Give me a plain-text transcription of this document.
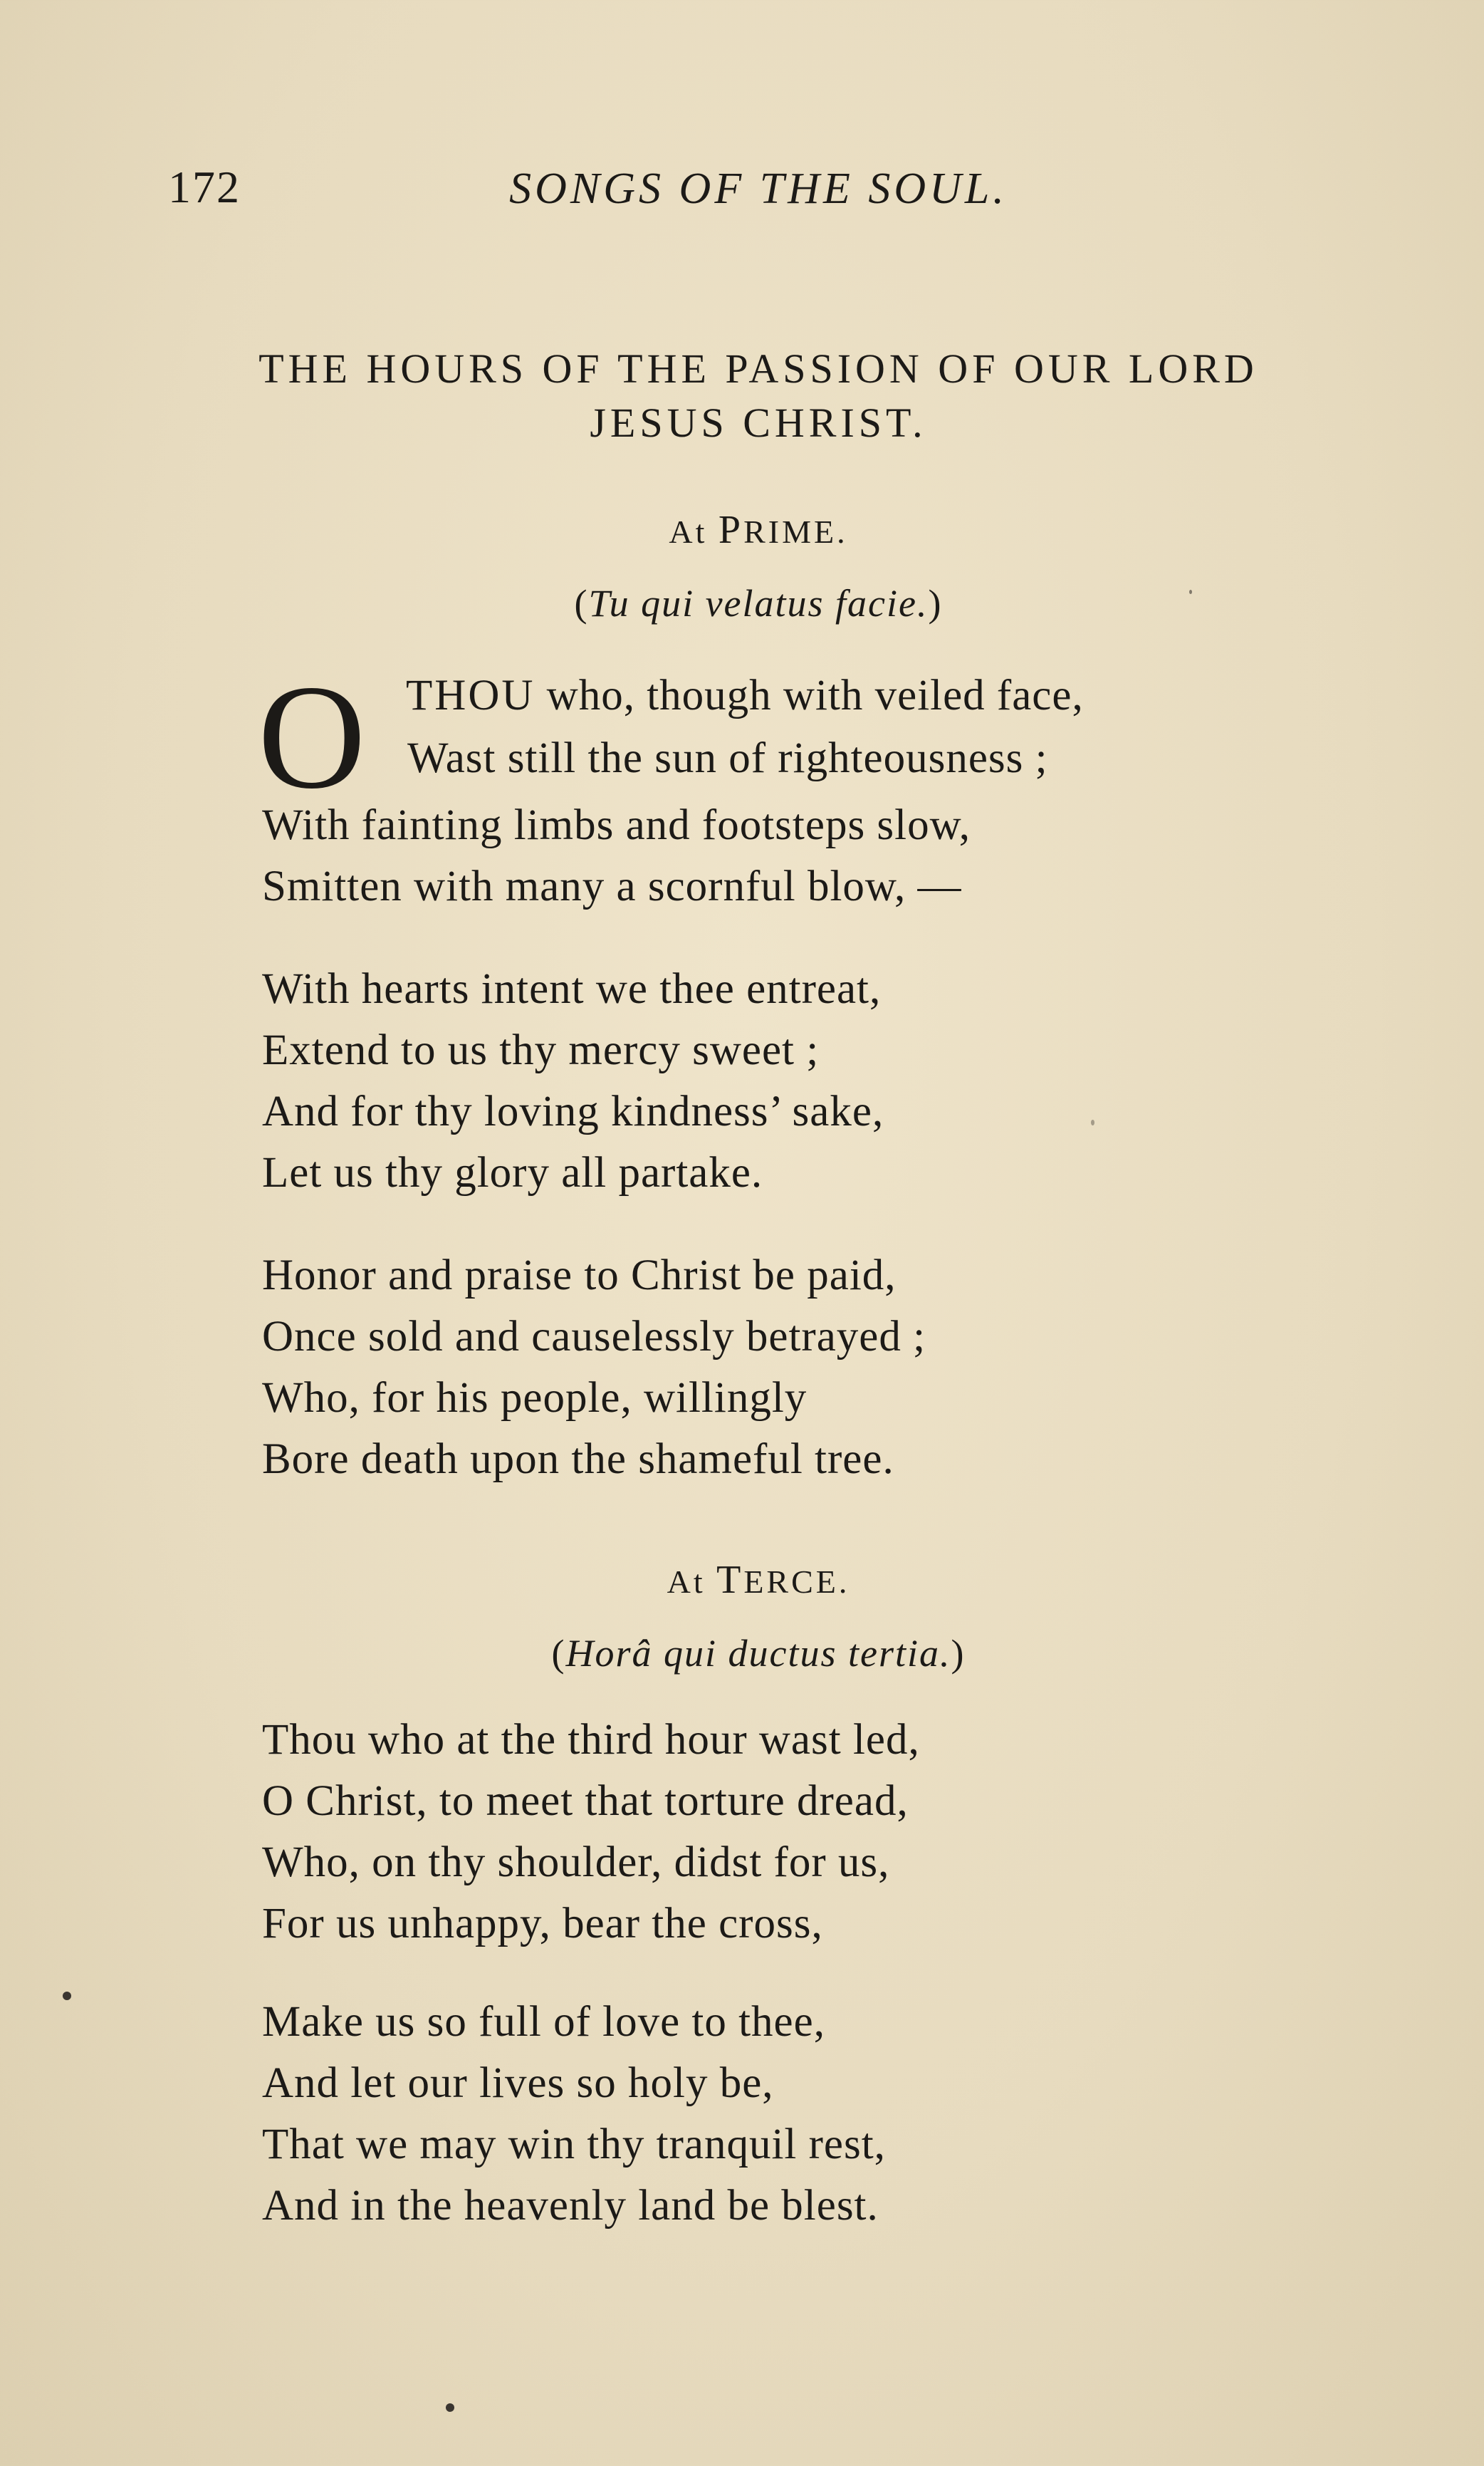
172	SONGS OF THE SOUL.
THE HOURS OF THE PASSION OF OUR LORD
JESUS CHRIST.
At PRIME.
(Tu qui velatus facie.)
O THOU who, though with veiled face,
Wast still the sun of righteousness ;
With fainting limbs and footsteps slow,
Smitten with many a scornful blow, —
With hearts intent we thee entreat,
Extend to us thy mercy sweet ;
And for thy loving kindness’ sake,
Let us thy glory all partake.
Honor and praise to Christ be paid,
Once sold and causelessly betrayed ;
Who, for his people, willingly
Bore death upon the shameful tree.
At TERCE.
(Horâ qui ductus tertia.)
Thou who at the third hour wast led,
O Christ, to meet that torture dread,
Who, on thy shoulder, didst for us,
For us unhappy, bear the cross,
Make us so full of love to thee,
And let our lives so holy be,
That we may win thy tranquil rest,
And in the heavenly land be blest.
